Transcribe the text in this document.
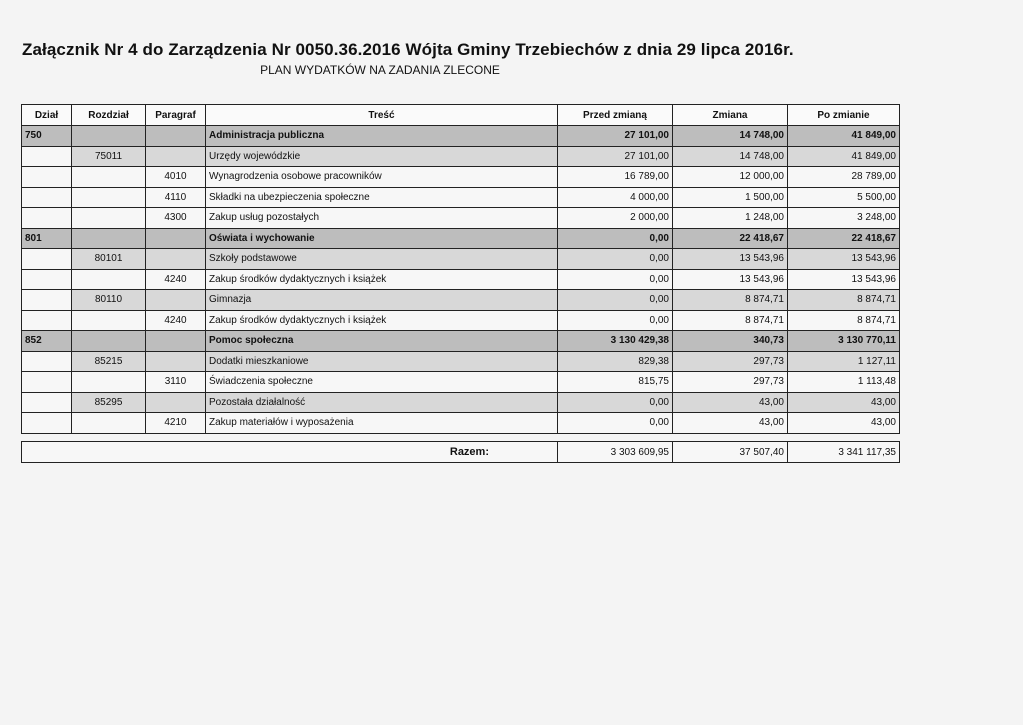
Załącznik Nr 4 do Zarządzenia Nr 0050.36.2016 Wójta Gminy Trzebiechów z dnia 29 lipca 2016r.
PLAN WYDATKÓW NA ZADANIA ZLECONE
Dział	Rozdział	Paragraf	Treść	Przed zmianą	Zmiana	Po zmianie
750			Administracja publiczna	27 101,00	14 748,00	41 849,00
	75011		Urzędy wojewódzkie	27 101,00	14 748,00	41 849,00
		4010	Wynagrodzenia osobowe pracowników	16 789,00	12 000,00	28 789,00
		4110	Składki na ubezpieczenia społeczne	4 000,00	1 500,00	5 500,00
		4300	Zakup usług pozostałych	2 000,00	1 248,00	3 248,00
801			Oświata i wychowanie	0,00	22 418,67	22 418,67
	80101		Szkoły podstawowe	0,00	13 543,96	13 543,96
		4240	Zakup środków dydaktycznych i książek	0,00	13 543,96	13 543,96
	80110		Gimnazja	0,00	8 874,71	8 874,71
		4240	Zakup środków dydaktycznych i książek	0,00	8 874,71	8 874,71
852			Pomoc społeczna	3 130 429,38	340,73	3 130 770,11
	85215		Dodatki mieszkaniowe	829,38	297,73	1 127,11
		3110	Świadczenia społeczne	815,75	297,73	1 113,48
	85295		Pozostała działalność	0,00	43,00	43,00
		4210	Zakup materiałów i wyposażenia	0,00	43,00	43,00
Razem:	3 303 609,95	37 507,40	3 341 117,35
